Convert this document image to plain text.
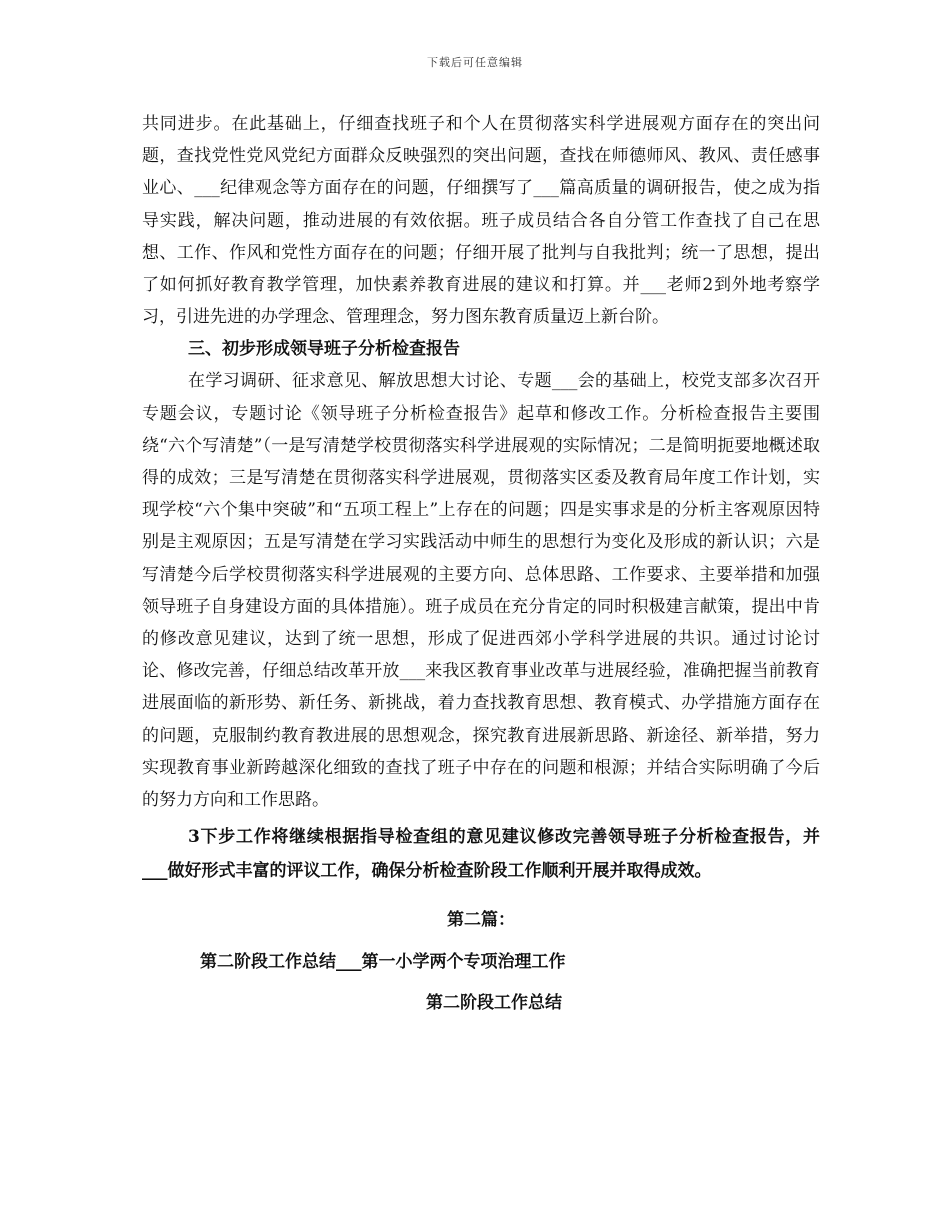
下载后可任意编辑

共同进步。在此基础上，仔细查找班子和个人在贯彻落实科学进展观方面存在的突出问题，查找党性党风党纪方面群众反映强烈的突出问题，查找在师德师风、教风、责任感事业心、___纪律观念等方面存在的问题，仔细撰写了___篇高质量的调研报告，使之成为指导实践，解决问题，推动进展的有效依据。班子成员结合各自分管工作查找了自己在思想、工作、作风和党性方面存在的问题；仔细开展了批判与自我批判；统一了思想，提出了如何抓好教育教学管理，加快素养教育进展的建议和打算。并___老师2到外地考察学习，引进先进的办学理念、管理理念，努力图东教育质量迈上新台阶。

三、初步形成领导班子分析检查报告

在学习调研、征求意见、解放思想大讨论、专题___会的基础上，校党支部多次召开专题会议，专题讨论《领导班子分析检查报告》起草和修改工作。分析检查报告主要围绕“六个写清楚”（一是写清楚学校贯彻落实科学进展观的实际情况；二是简明扼要地概述取得的成效；三是写清楚在贯彻落实科学进展观，贯彻落实区委及教育局年度工作计划，实现学校“六个集中突破”和“五项工程上”上存在的问题；四是实事求是的分析主客观原因特别是主观原因；五是写清楚在学习实践活动中师生的思想行为变化及形成的新认识；六是写清楚今后学校贯彻落实科学进展观的主要方向、总体思路、工作要求、主要举措和加强领导班子自身建设方面的具体措施）。班子成员在充分肯定的同时积极建言献策，提出中肯的修改意见建议，达到了统一思想，形成了促进西郊小学科学进展的共识。通过讨论讨论、修改完善，仔细总结改革开放___来我区教育事业改革与进展经验，准确把握当前教育进展面临的新形势、新任务、新挑战，着力查找教育思想、教育模式、办学措施方面存在的问题，克服制约教育教进展的思想观念，探究教育进展新思路、新途径、新举措，努力实现教育事业新跨越深化细致的查找了班子中存在的问题和根源；并结合实际明确了今后的努力方向和工作思路。

3下步工作将继续根据指导检查组的意见建议修改完善领导班子分析检查报告，并___做好形式丰富的评议工作，确保分析检查阶段工作顺利开展并取得成效。

第二篇：

第二阶段工作总结___第一小学两个专项治理工作

第二阶段工作总结
